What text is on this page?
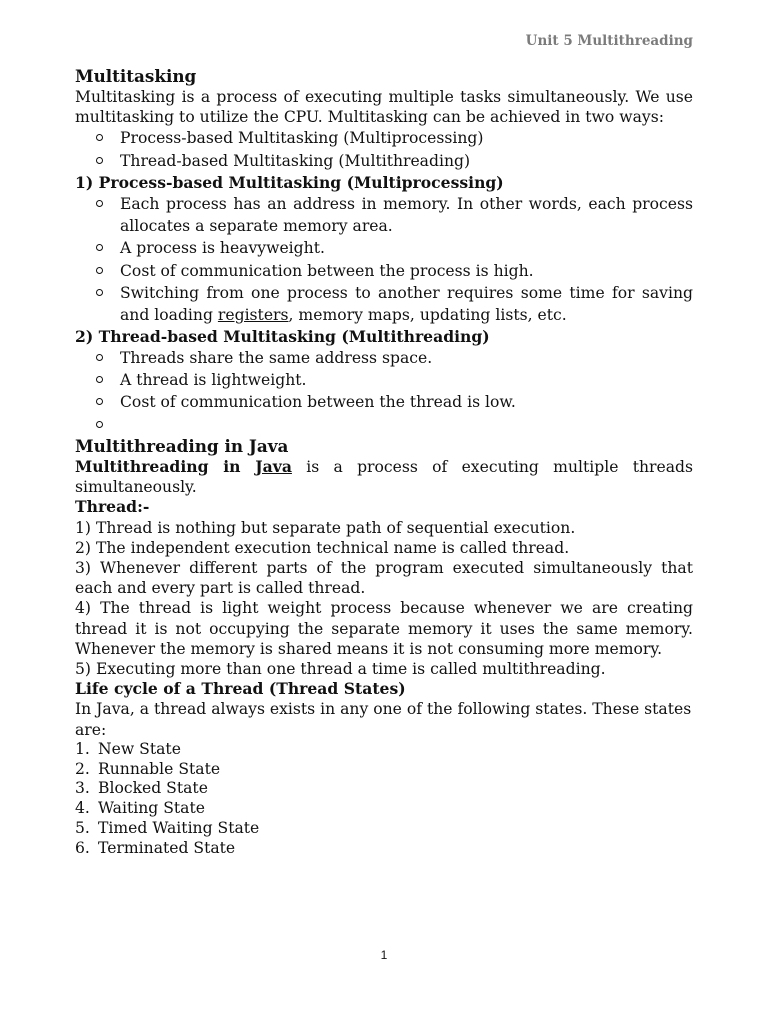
Unit 5 Multithreading

Multitasking

Multitasking is a process of executing multiple tasks simultaneously. We use multitasking to utilize the CPU. Multitasking can be achieved in two ways:

Process-based Multitasking (Multiprocessing)
Thread-based Multitasking (Multithreading)

1) Process-based Multitasking (Multiprocessing)

Each process has an address in memory. In other words, each process allocates a separate memory area.
A process is heavyweight.
Cost of communication between the process is high.
Switching from one process to another requires some time for saving and loading registers, memory maps, updating lists, etc.

2) Thread-based Multitasking (Multithreading)

Threads share the same address space.
A thread is lightweight.
Cost of communication between the thread is low.

Multithreading in Java

Multithreading in Java is a process of executing multiple threads simultaneously.

Thread:-

1) Thread is nothing but separate path of sequential execution.

2) The independent execution technical name is called thread.

3) Whenever different parts of the program executed simultaneously that each and every part is called thread.

4) The thread is light weight process because whenever we are creating thread it is not occupying the separate memory it uses the same memory. Whenever the memory is shared means it is not consuming more memory.

5) Executing more than one thread a time is called multithreading.

Life cycle of a Thread (Thread States)

In Java, a thread always exists in any one of the following states. These states are:

1. New State
2. Runnable State
3. Blocked State
4. Waiting State
5. Timed Waiting State
6. Terminated State
1
